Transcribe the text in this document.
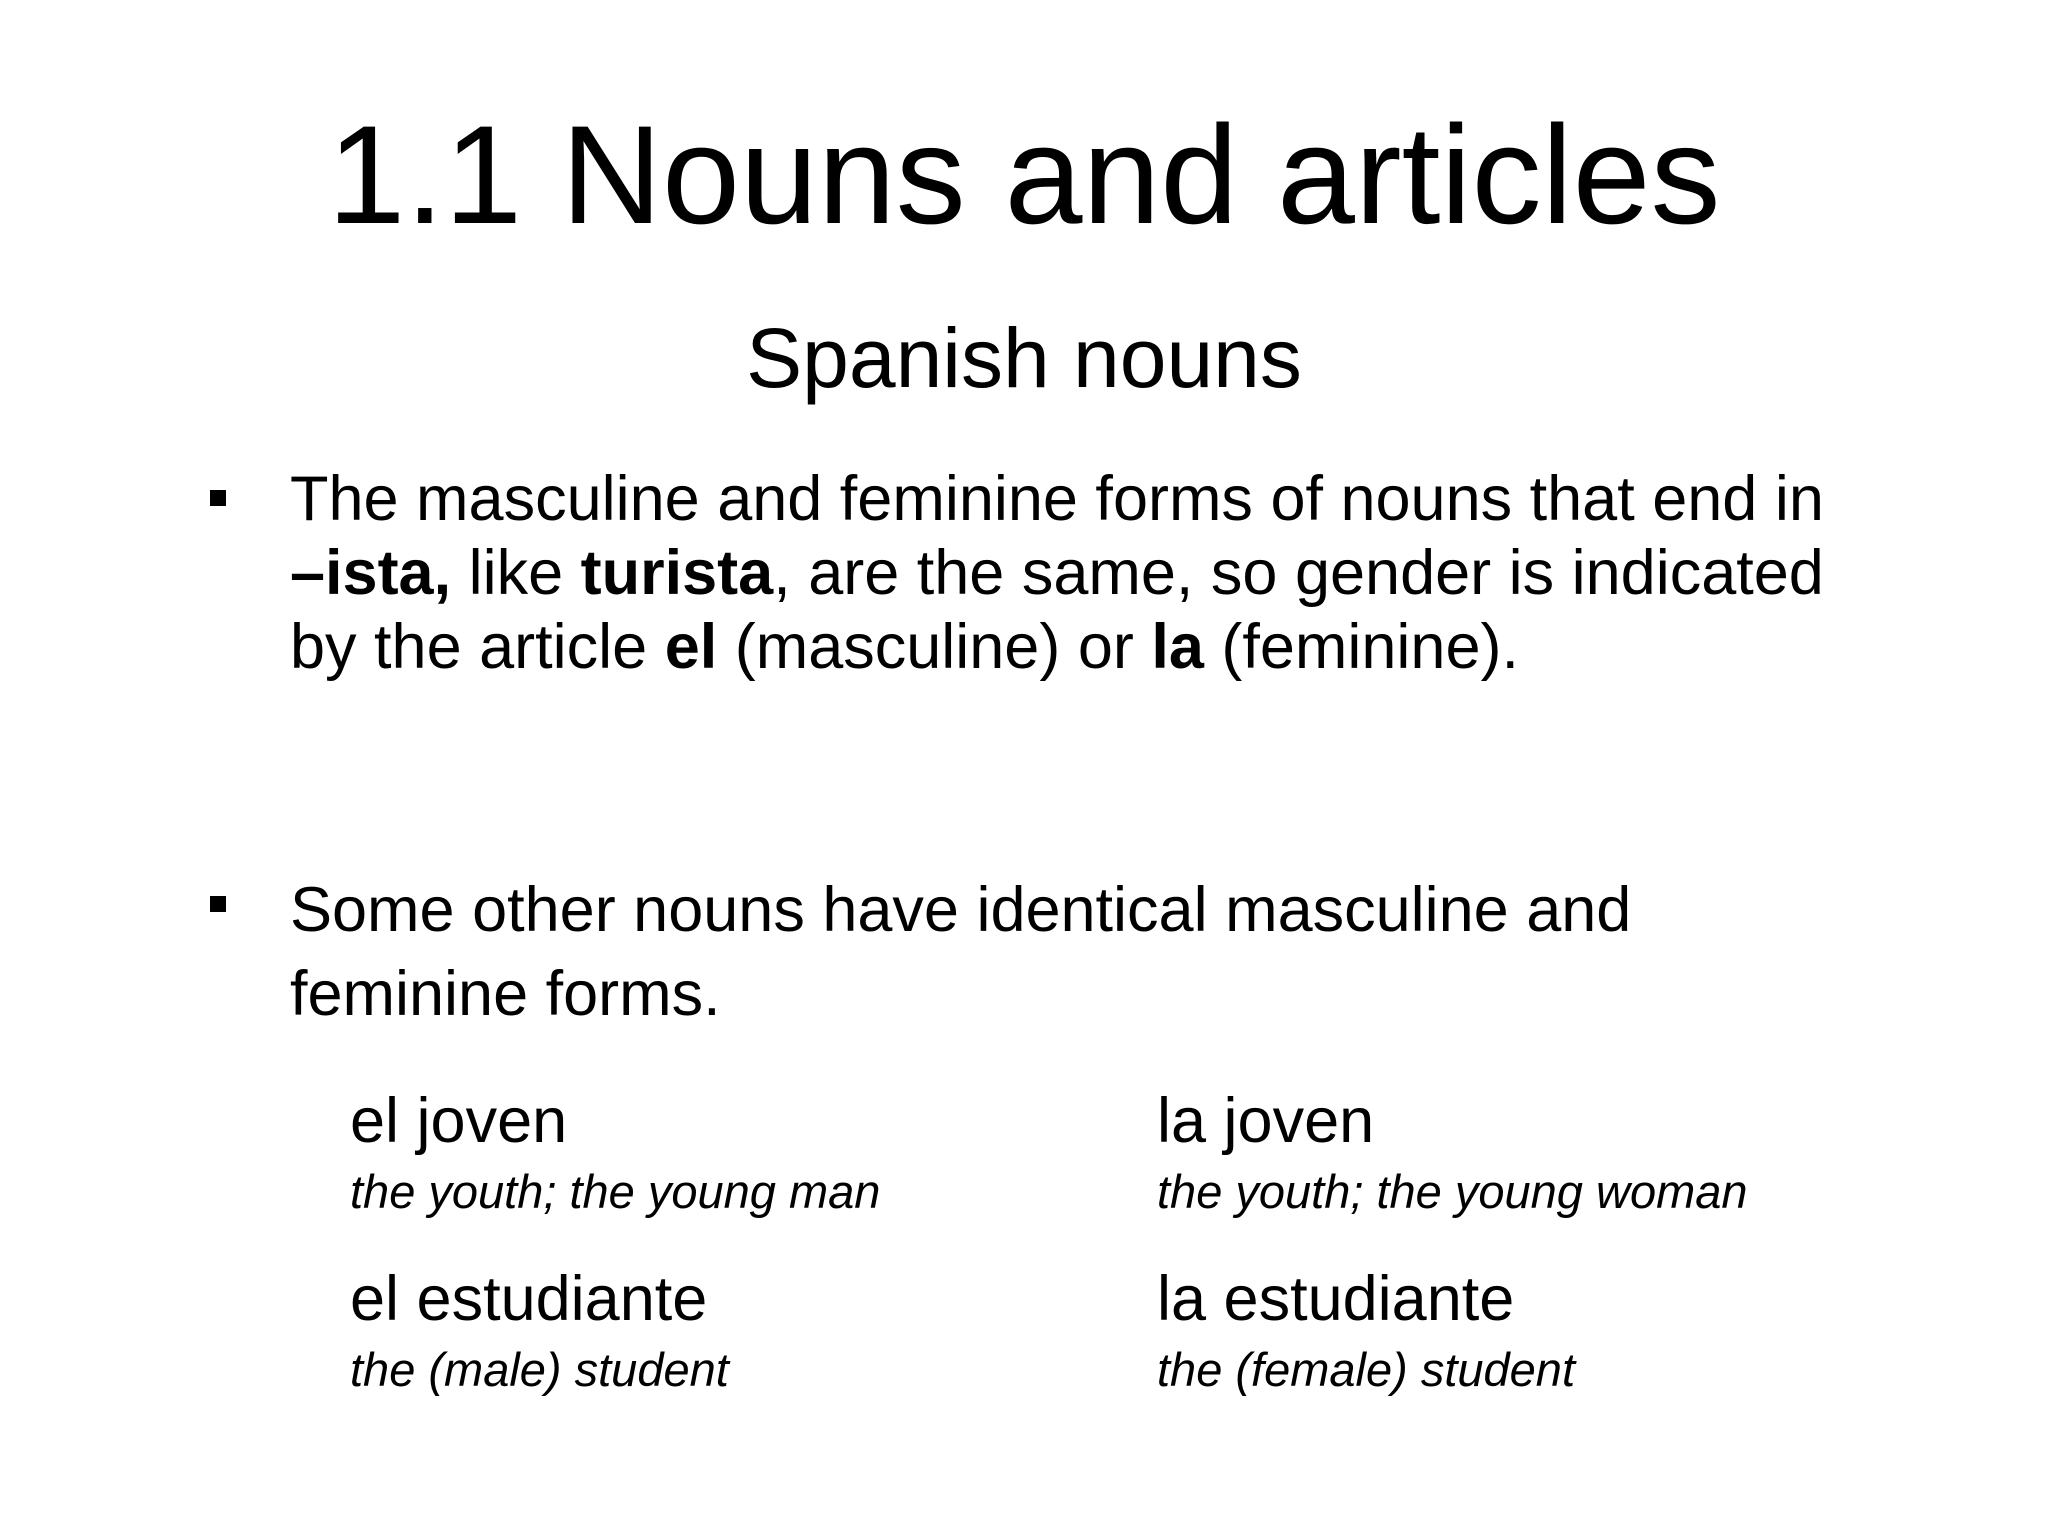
1.1 Nouns and articles
Spanish nouns
The masculine and feminine forms of nouns that end in –ista, like turista, are the same, so gender is indicated by the article el (masculine) or la (feminine).
Some other nouns have identical masculine and feminine forms.
el joven
the youth; the young man
la joven
the youth; the young woman
el estudiante
the (male) student
la estudiante
the (female) student
